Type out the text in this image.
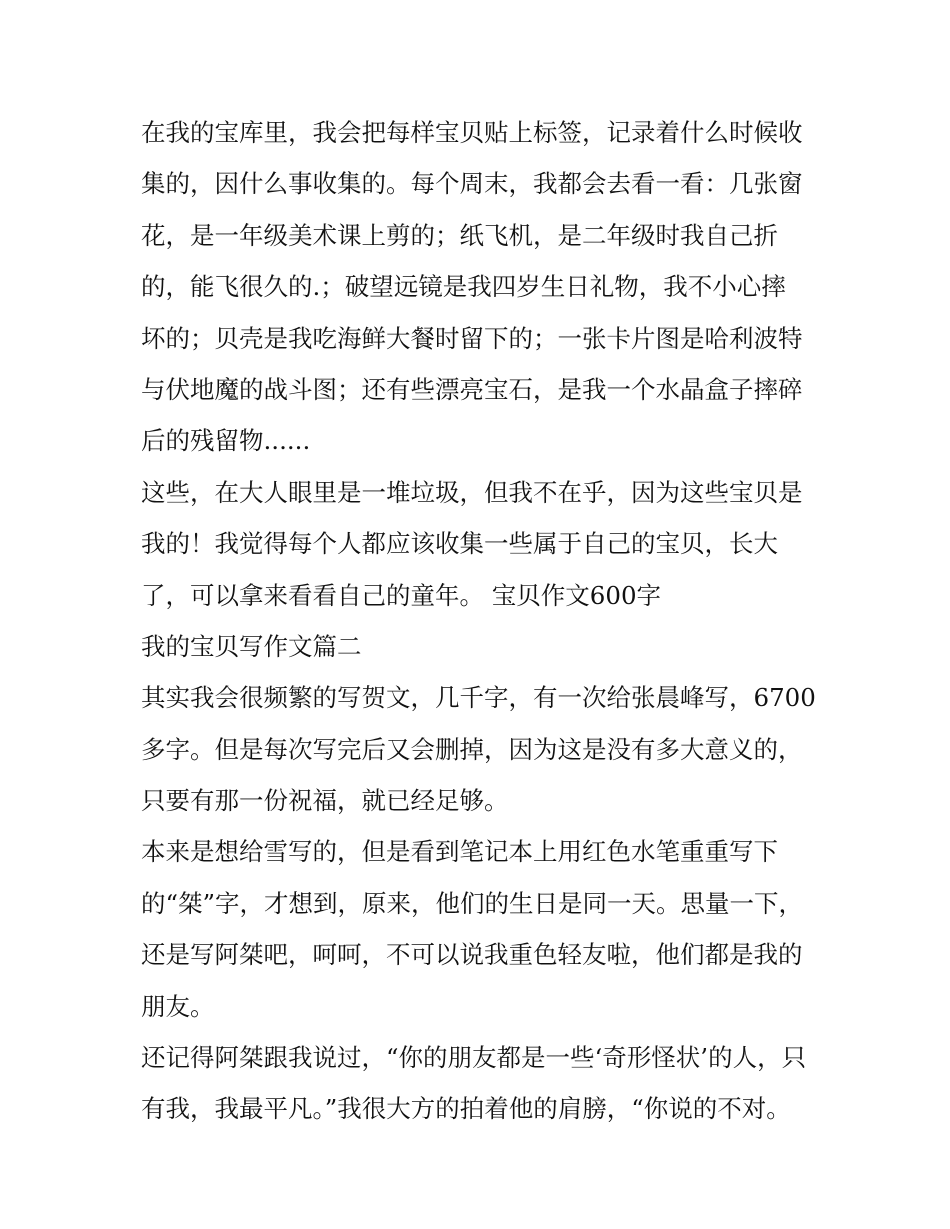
在我的宝库里，我会把每样宝贝贴上标签，记录着什么时候收
集的，因什么事收集的。每个周末，我都会去看一看：几张窗
花，是一年级美术课上剪的；纸飞机，是二年级时我自己折
的，能飞很久的.；破望远镜是我四岁生日礼物，我不小心摔
坏的；贝壳是我吃海鲜大餐时留下的；一张卡片图是哈利波特
与伏地魔的战斗图；还有些漂亮宝石，是我一个水晶盒子摔碎
后的残留物......
这些，在大人眼里是一堆垃圾，但我不在乎，因为这些宝贝是
我的！我觉得每个人都应该收集一些属于自己的宝贝，长大
了，可以拿来看看自己的童年。 宝贝作文600字
我的宝贝写作文篇二
其实我会很频繁的写贺文，几千字，有一次给张晨峰写，6700
多字。但是每次写完后又会删掉，因为这是没有多大意义的，
只要有那一份祝福，就已经足够。
本来是想给雪写的，但是看到笔记本上用红色水笔重重写下
的“桀”字，才想到，原来，他们的生日是同一天。思量一下，
还是写阿桀吧，呵呵，不可以说我重色轻友啦，他们都是我的
朋友。
还记得阿桀跟我说过，“你的朋友都是一些‘奇形怪状’的人，只
有我，我最平凡。”我很大方的拍着他的肩膀，“你说的不对。
